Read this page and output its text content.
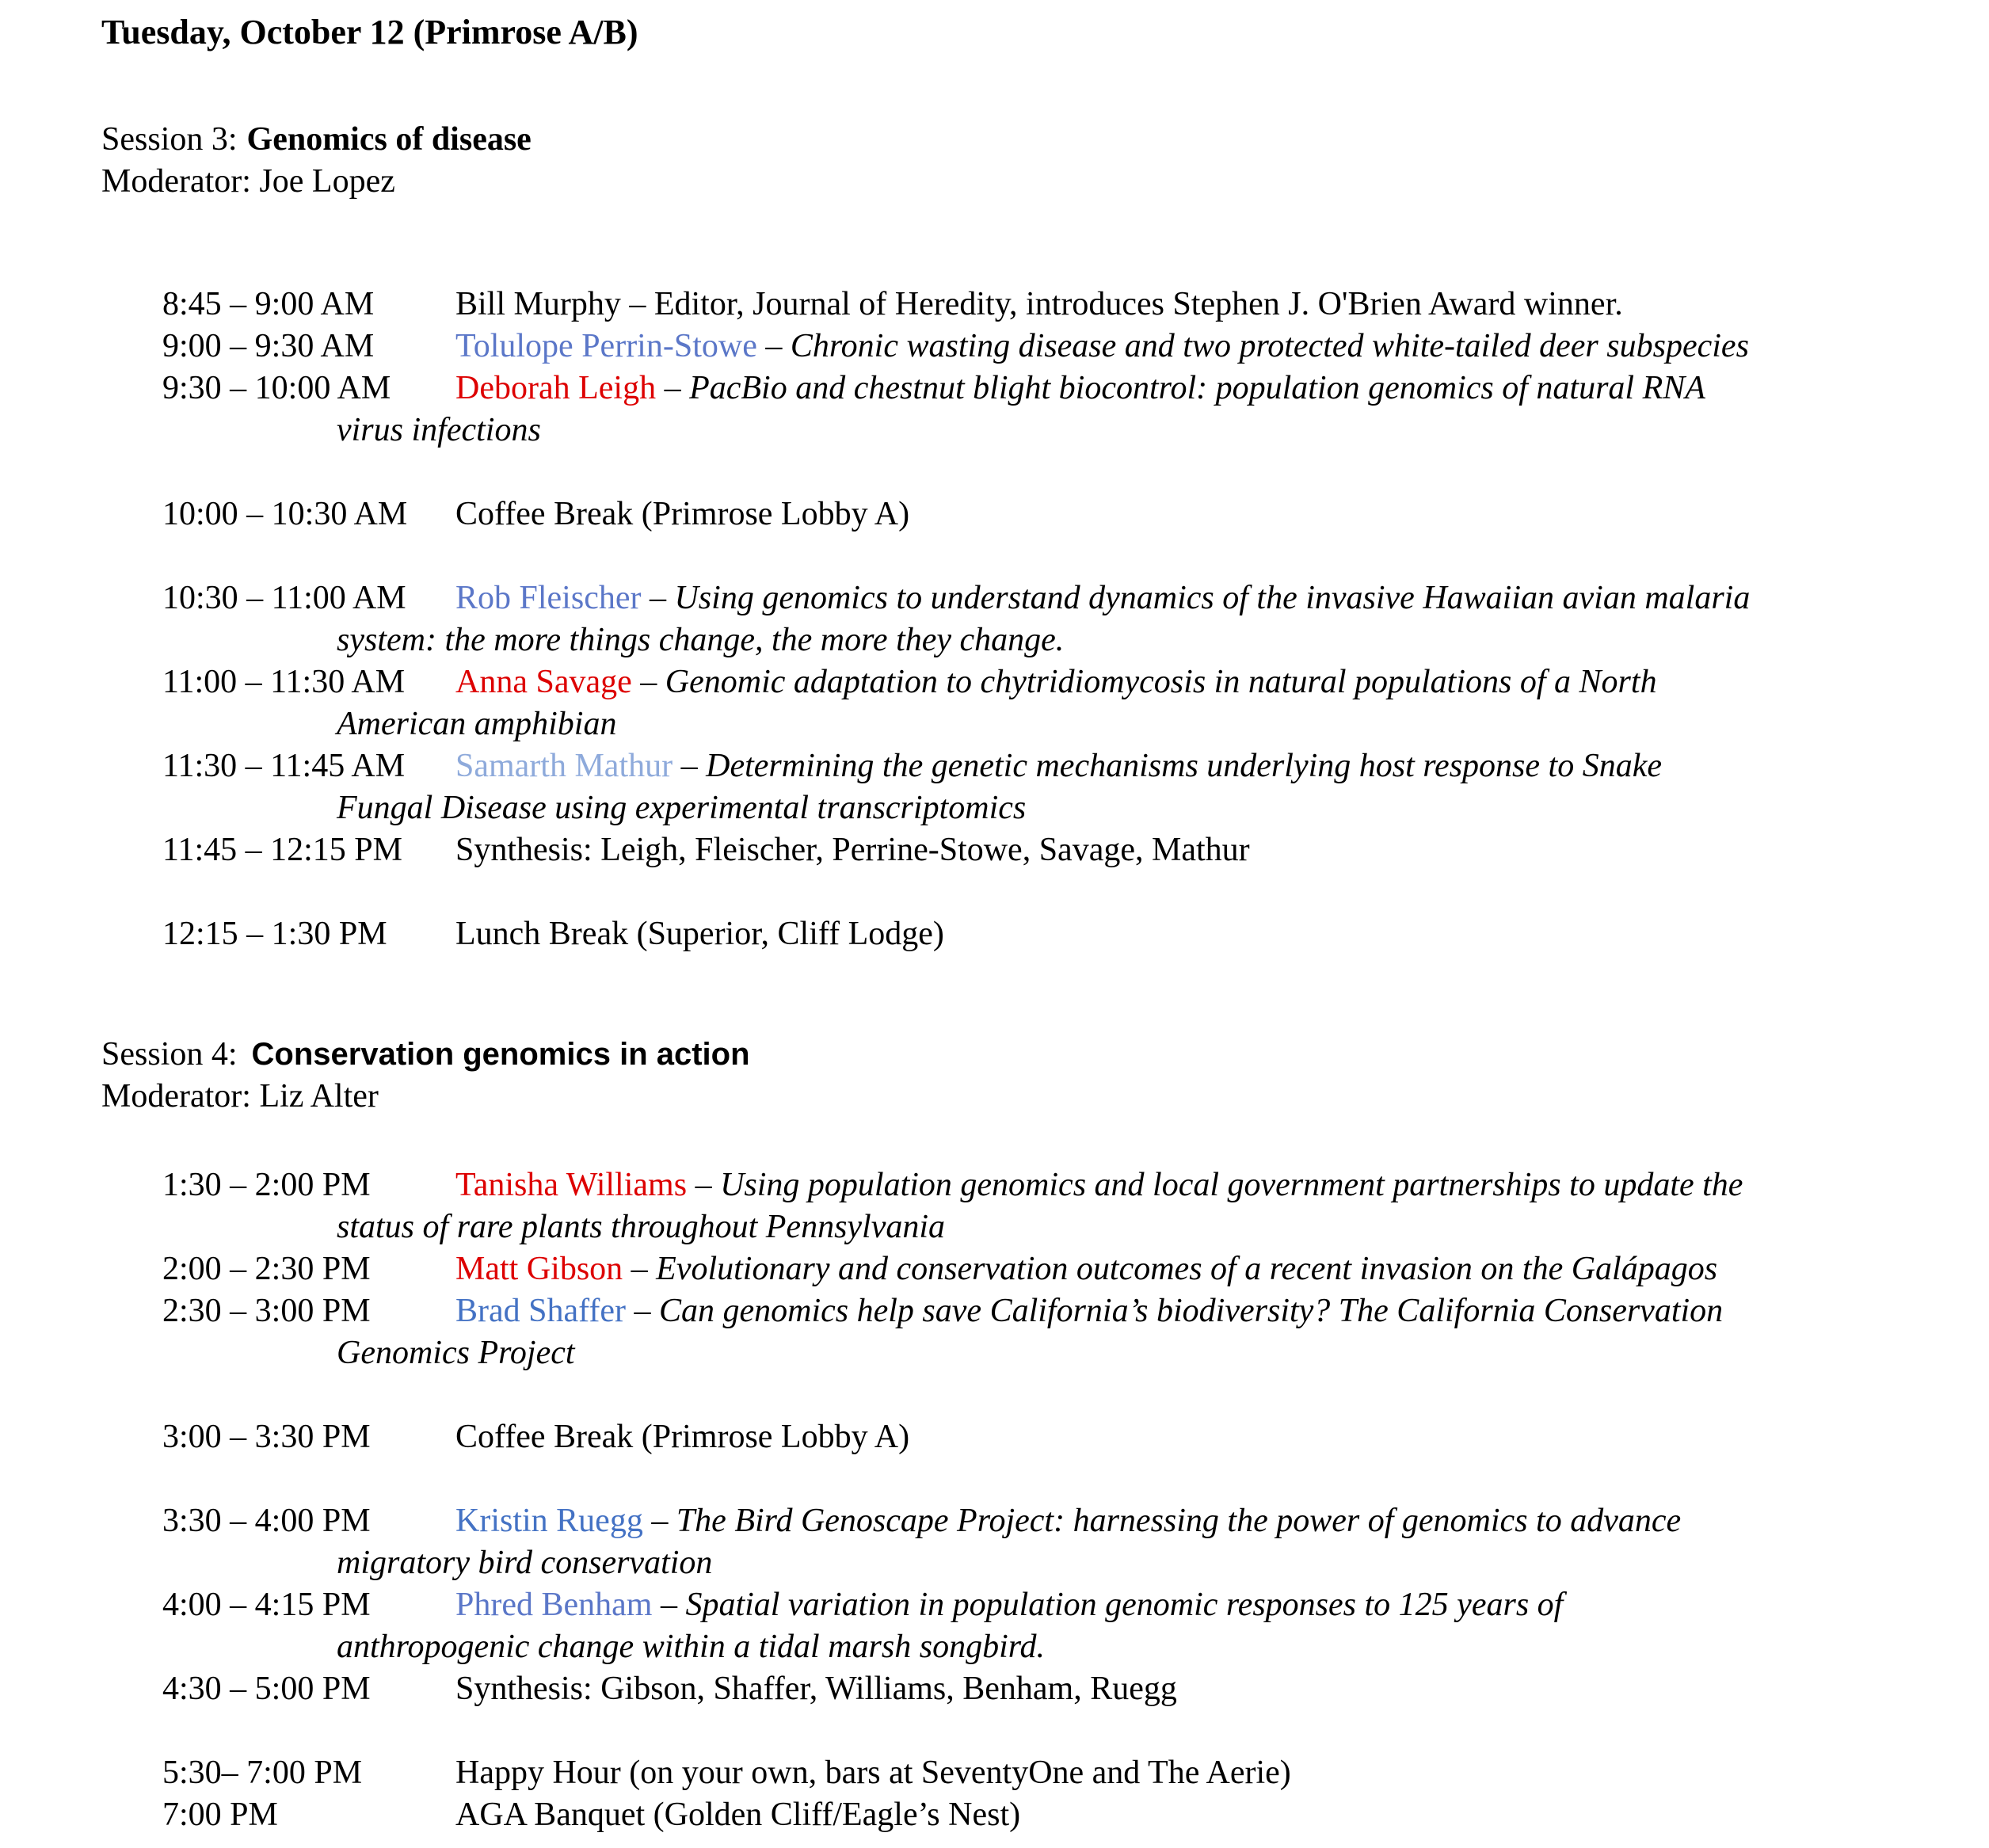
Tuesday, October 12 (Primrose A/B)
Session 3: Genomics of disease
Moderator: Joe Lopez
8:45 – 9:00 AM	Bill Murphy – Editor, Journal of Heredity, introduces Stephen J. O'Brien Award winner.
9:00 – 9:30 AM	Tolulope Perrin-Stowe – Chronic wasting disease and two protected white-tailed deer subspecies
9:30 – 10:00 AM	Deborah Leigh – PacBio and chestnut blight biocontrol: population genomics of natural RNA
virus infections
10:00 – 10:30 AM	Coffee Break (Primrose Lobby A)
10:30 – 11:00 AM	Rob Fleischer – Using genomics to understand dynamics of the invasive Hawaiian avian malaria
system: the more things change, the more they change.
11:00 – 11:30 AM	Anna Savage – Genomic adaptation to chytridiomycosis in natural populations of a North
American amphibian
11:30 – 11:45 AM	Samarth Mathur – Determining the genetic mechanisms underlying host response to Snake
Fungal Disease using experimental transcriptomics
11:45 – 12:15 PM	Synthesis: Leigh, Fleischer, Perrine-Stowe, Savage, Mathur
12:15 – 1:30 PM	Lunch Break (Superior, Cliff Lodge)
Session 4: Conservation genomics in action
Moderator: Liz Alter
1:30 – 2:00 PM	Tanisha Williams – Using population genomics and local government partnerships to update the
status of rare plants throughout Pennsylvania
2:00 – 2:30 PM	Matt Gibson – Evolutionary and conservation outcomes of a recent invasion on the Galápagos
2:30 – 3:00 PM	Brad Shaffer – Can genomics help save California’s biodiversity? The California Conservation
Genomics Project
3:00 – 3:30 PM	Coffee Break (Primrose Lobby A)
3:30 – 4:00 PM	Kristin Ruegg – The Bird Genoscape Project: harnessing the power of genomics to advance
migratory bird conservation
4:00 – 4:15 PM	Phred Benham – Spatial variation in population genomic responses to 125 years of
anthropogenic change within a tidal marsh songbird.
4:30 – 5:00 PM	Synthesis: Gibson, Shaffer, Williams, Benham, Ruegg
5:30– 7:00 PM	Happy Hour (on your own, bars at SeventyOne and The Aerie)
7:00 PM	AGA Banquet (Golden Cliff/Eagle’s Nest)
